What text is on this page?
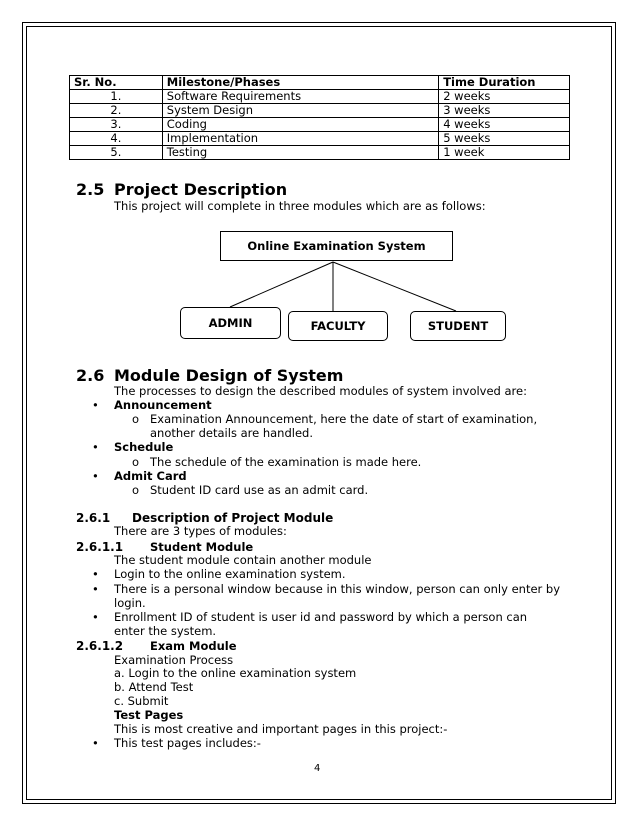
Sr. No.	Milestone/Phases	Time Duration
1.	Software Requirements	2 weeks
2.	System Design	3 weeks
3.	Coding	4 weeks
4.	Implementation	5 weeks
5.	Testing	1 week
2.5 Project Description
This project will complete in three modules which are as follows:
Online Examination System
ADMIN	FACULTY	STUDENT
2.6 Module Design of System
The processes to design the described modules of system involved are:
• Announcement
o Examination Announcement, here the date of start of examination,
another details are handled.
• Schedule
o The schedule of the examination is made here.
• Admit Card
o Student ID card use as an admit card.
2.6.1 Description of Project Module
There are 3 types of modules:
2.6.1.1 Student Module
The student module contain another module
• Login to the online examination system.
• There is a personal window because in this window, person can only enter by
login.
• Enrollment ID of student is user id and password by which a person can
enter the system.
2.6.1.2 Exam Module
Examination Process
a. Login to the online examination system
b. Attend Test
c. Submit
Test Pages
This is most creative and important pages in this project:-
• This test pages includes:-
4
